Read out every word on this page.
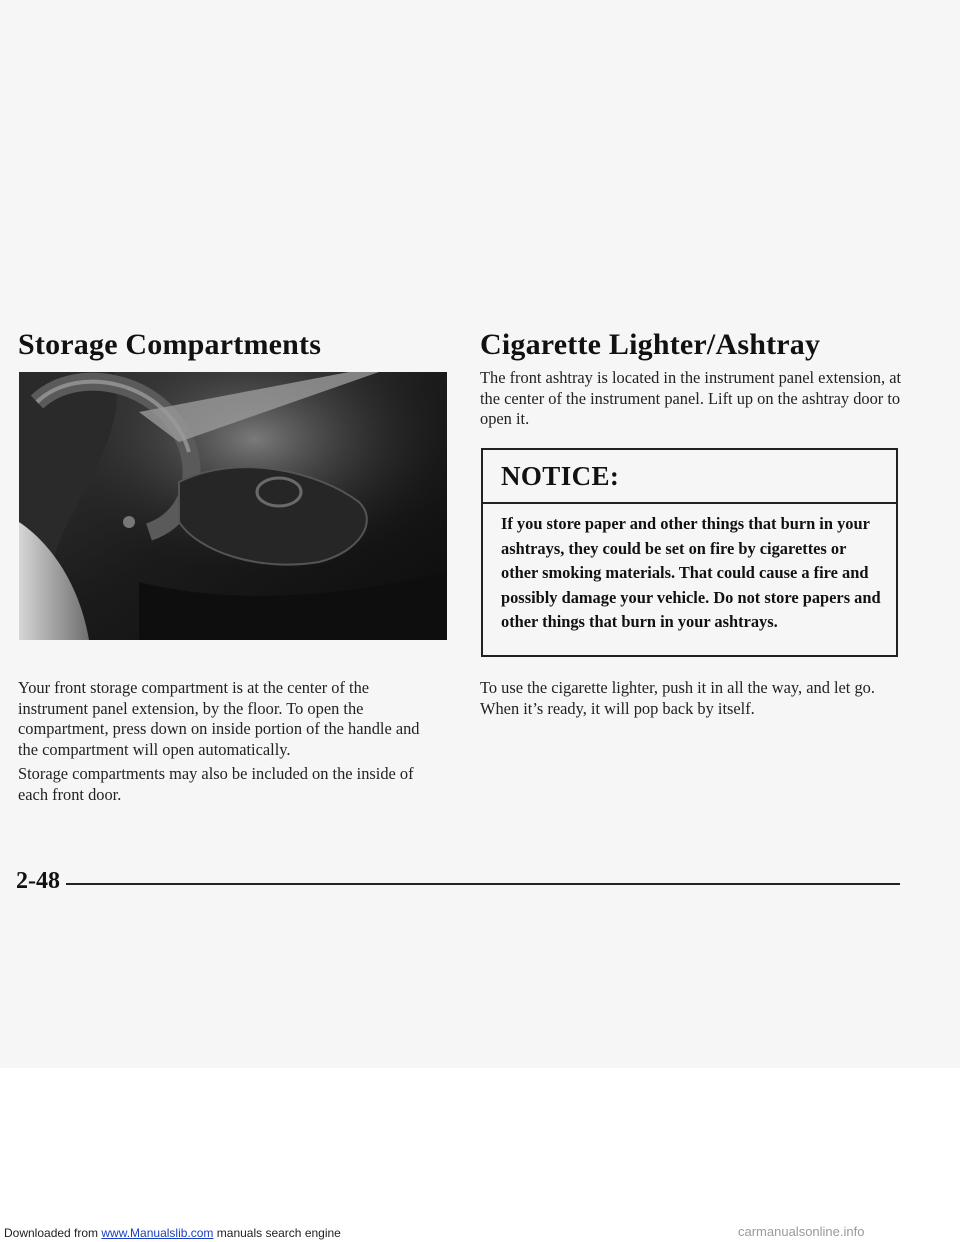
Storage Compartments	Cigarette Lighter/Ashtray

Your front storage compartment is at the center of the instrument panel extension, by the floor. To open the compartment, press down on inside portion of the handle and the compartment will open automatically.

Storage compartments may also be included on the inside of each front door.

The front ashtray is located in the instrument panel extension, at the center of the instrument panel. Lift up on the ashtray door to open it.

NOTICE:

If you store paper and other things that burn in your ashtrays, they could be set on fire by cigarettes or other smoking materials. That could cause a fire and possibly damage your vehicle. Do not store papers and other things that burn in your ashtrays.

To use the cigarette lighter, push it in all the way, and let go. When it’s ready, it will pop back by itself.

2-48

Downloaded from www.Manualslib.com manuals search engine	carmanualsonline.info
